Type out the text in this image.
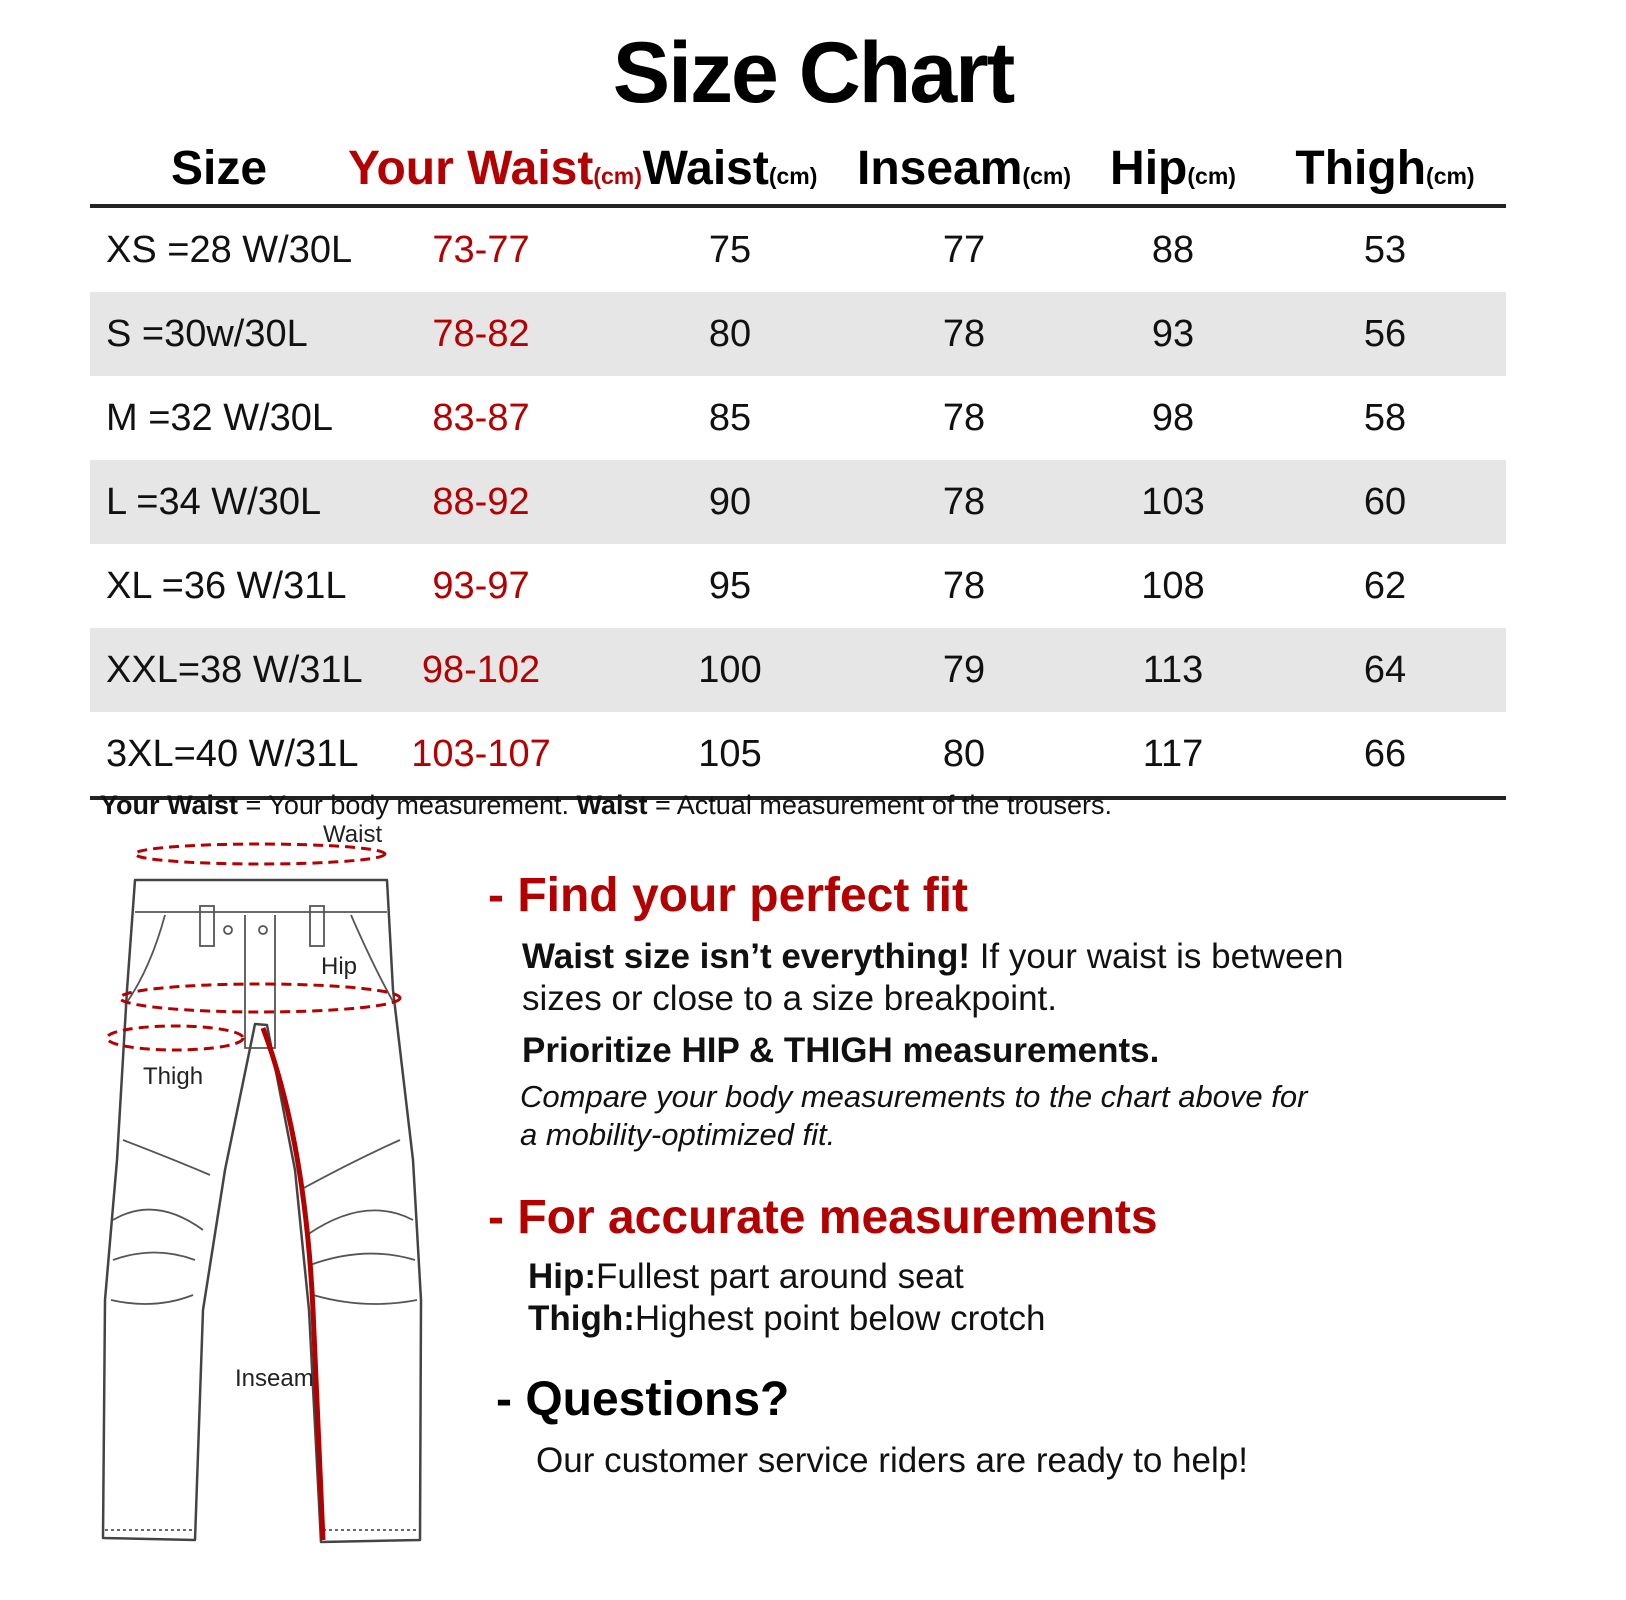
Size Chart
Size	Your Waist(cm)	Waist(cm)	Inseam(cm)	Hip(cm)	Thigh(cm)
XS =28 W/30L	73-77	75	77	88	53
S =30w/30L	78-82	80	78	93	56
M =32 W/30L	83-87	85	78	98	58
L =34 W/30L	88-92	90	78	103	60
XL =36 W/31L	93-97	95	78	108	62
XXL=38 W/31L	98-102	100	79	113	64
3XL=40 W/31L	103-107	105	80	117	66
Your Waist = Your body measurement. Waist = Actual measurement of the trousers.
Waist
Hip
Thigh
Inseam
- Find your perfect fit
Waist size isn’t everything! If your waist is between
sizes or close to a size breakpoint.
Prioritize HIP & THIGH measurements.
Compare your body measurements to the chart above for
a mobility-optimized fit.
- For accurate measurements
Hip:Fullest part around seat
Thigh:Highest point below crotch
- Questions?
Our customer service riders are ready to help!
